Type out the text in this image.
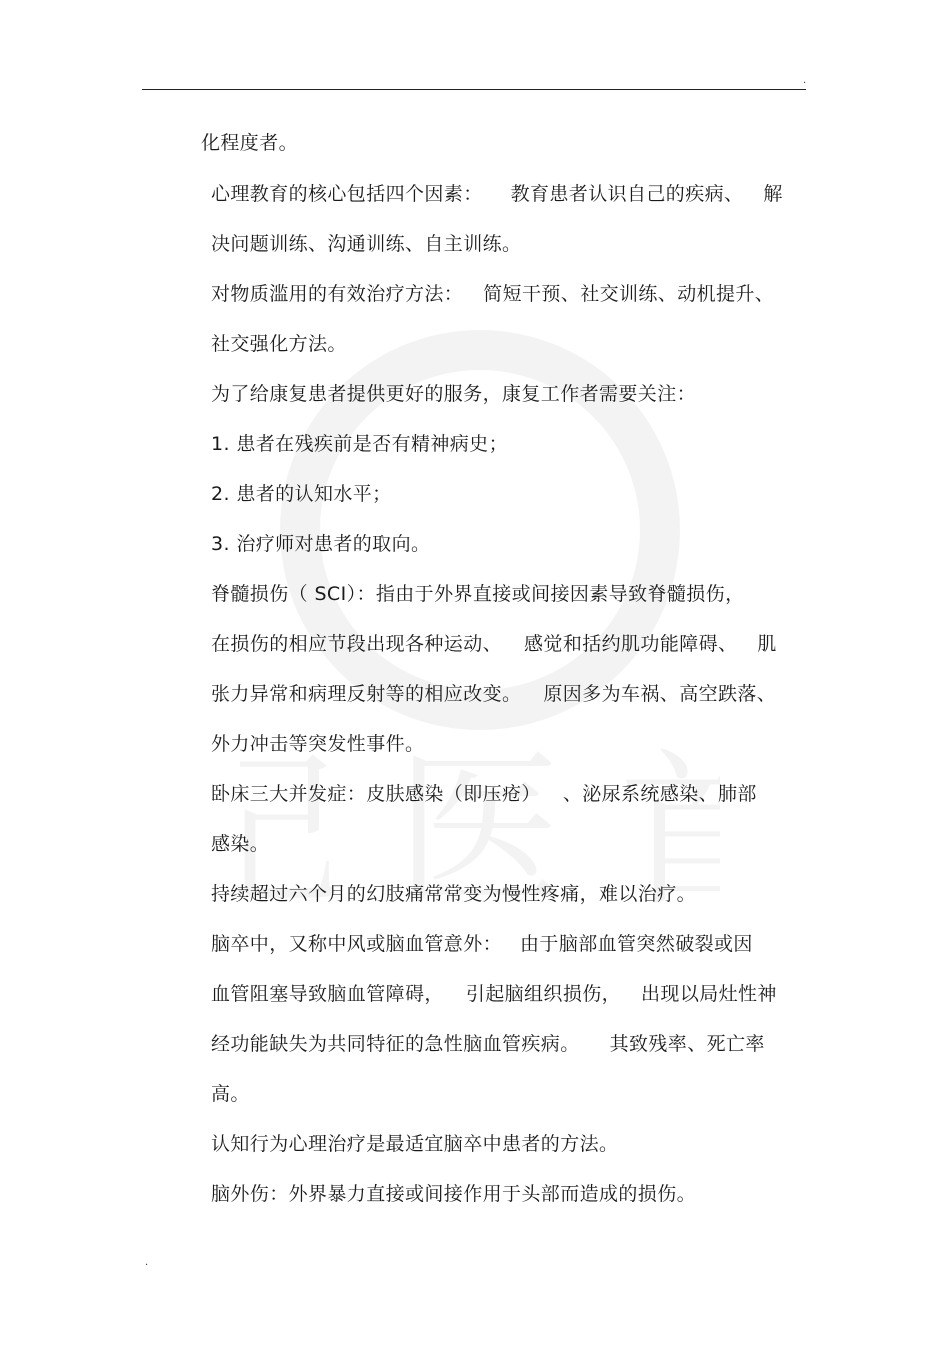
.
.
化程度者。
心理教育的核心包括四个因素： 教育患者认识自己的疾病、 解
决问题训练、沟通训练、自主训练。
对物质滥用的有效治疗方法： 简短干预、社交训练、动机提升、
社交强化方法。
为了给康复患者提供更好的服务，康复工作者需要关注：
1. 患者在残疾前是否有精神病史；
2. 患者的认知水平；
3. 治疗师对患者的取向。
脊髓损伤（ SCI）：指由于外界直接或间接因素导致脊髓损伤，
在损伤的相应节段出现各种运动、 感觉和括约肌功能障碍、 肌
张力异常和病理反射等的相应改变。 原因多为车祸、高空跌落、
外力冲击等突发性事件。
卧床三大并发症：皮肤感染（即压疮） 、泌尿系统感染、肺部
感染。
持续超过六个月的幻肢痛常常变为慢性疼痛，难以治疗。
脑卒中，又称中风或脑血管意外： 由于脑部血管突然破裂或因
血管阻塞导致脑血管障碍， 引起脑组织损伤， 出现以局灶性神
经功能缺失为共同特征的急性脑血管疾病。 其致残率、死亡率
高。
认知行为心理治疗是最适宜脑卒中患者的方法。
脑外伤：外界暴力直接或间接作用于头部而造成的损伤。
